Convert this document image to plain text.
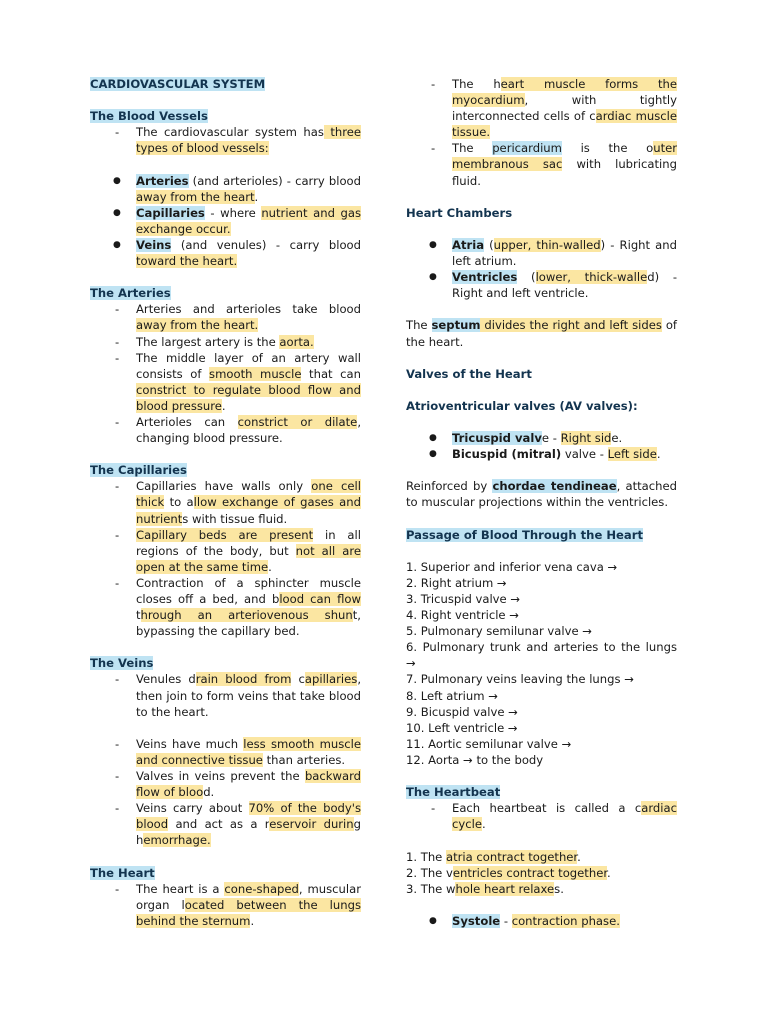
CARDIOVASCULAR SYSTEM
The Blood Vessels
- The cardiovascular system has three types of blood vessels:
● Arteries (and arterioles) - carry blood away from the heart.
● Capillaries - where nutrient and gas exchange occur.
● Veins (and venules) - carry blood toward the heart.
The Arteries
- Arteries and arterioles take blood away from the heart.
- The largest artery is the aorta.
- The middle layer of an artery wall consists of smooth muscle that can constrict to regulate blood flow and blood pressure.
- Arterioles can constrict or dilate, changing blood pressure.
The Capillaries
- Capillaries have walls only one cell thick to allow exchange of gases and nutrients with tissue fluid.
- Capillary beds are present in all regions of the body, but not all are open at the same time.
- Contraction of a sphincter muscle closes off a bed, and blood can flow through an arteriovenous shunt, bypassing the capillary bed.
The Veins
- Venules drain blood from capillaries, then join to form veins that take blood to the heart.
- Veins have much less smooth muscle and connective tissue than arteries.
- Valves in veins prevent the backward flow of blood.
- Veins carry about 70% of the body's blood and act as a reservoir during hemorrhage.
The Heart
- The heart is a cone-shaped, muscular organ located between the lungs behind the sternum.
- The heart muscle forms the myocardium, with tightly interconnected cells of cardiac muscle tissue.
- The pericardium is the outer membranous sac with lubricating fluid.
Heart Chambers
● Atria (upper, thin-walled) - Right and left atrium.
● Ventricles (lower, thick-walled) - Right and left ventricle.
The septum divides the right and left sides of the heart.
Valves of the Heart
Atrioventricular valves (AV valves):
● Tricuspid valve - Right side.
● Bicuspid (mitral) valve - Left side.
Reinforced by chordae tendineae, attached to muscular projections within the ventricles.
Passage of Blood Through the Heart
1. Superior and inferior vena cava →
2. Right atrium →
3. Tricuspid valve →
4. Right ventricle →
5. Pulmonary semilunar valve →
6. Pulmonary trunk and arteries to the lungs →
7. Pulmonary veins leaving the lungs →
8. Left atrium →
9. Bicuspid valve →
10. Left ventricle →
11. Aortic semilunar valve →
12. Aorta → to the body
The Heartbeat
- Each heartbeat is called a cardiac cycle.
1. The atria contract together.
2. The ventricles contract together.
3. The whole heart relaxes.
● Systole - contraction phase.
